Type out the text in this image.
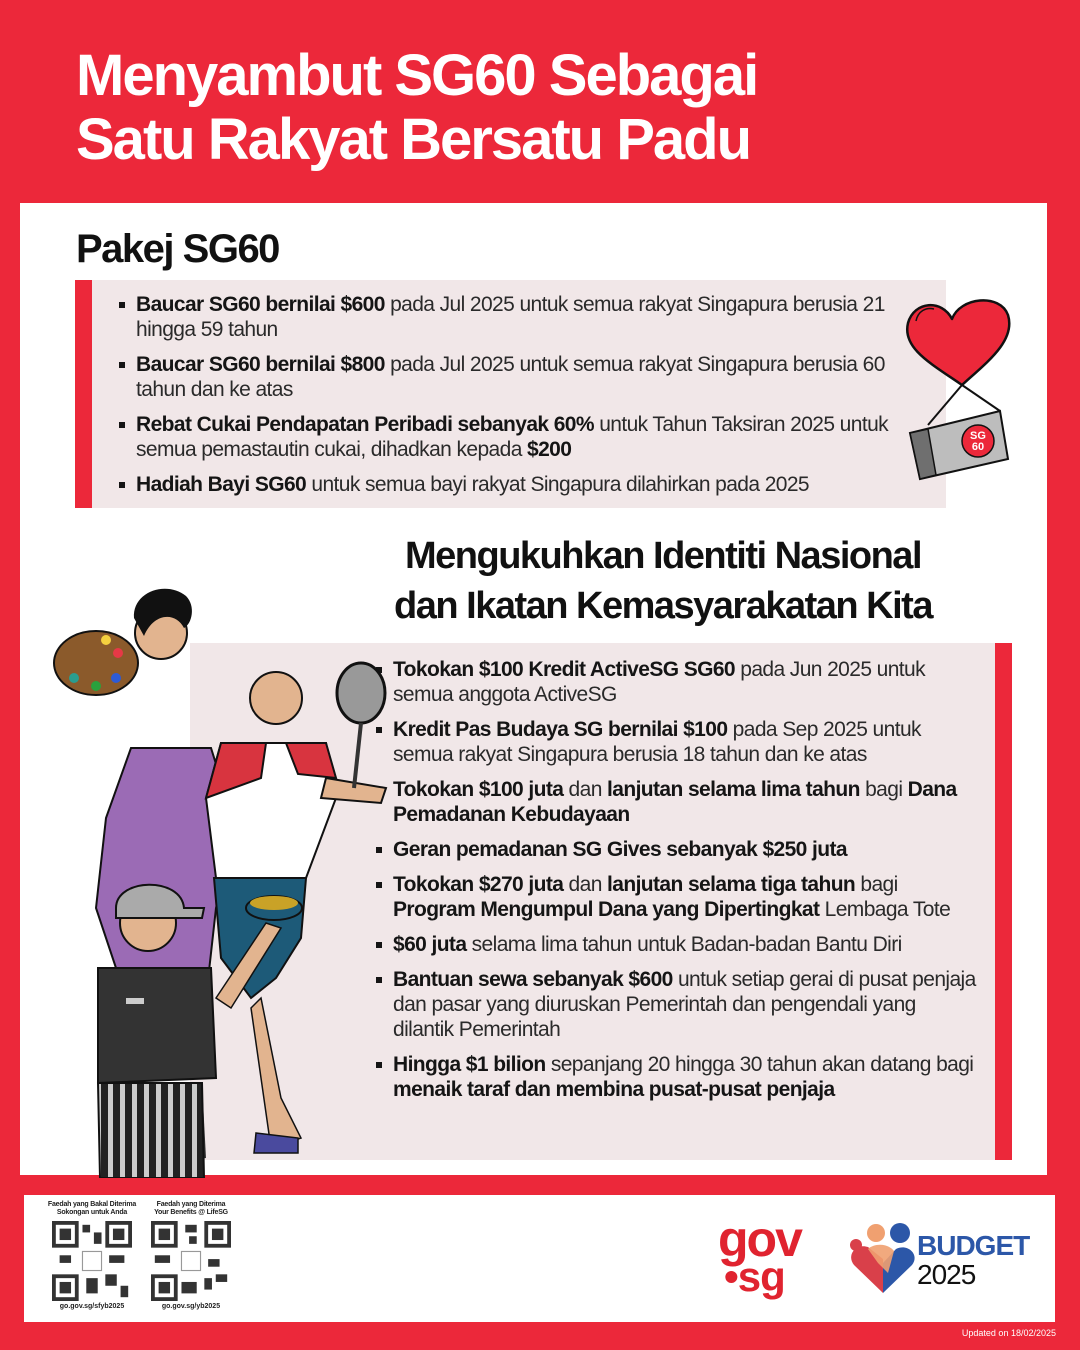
Menyambut SG60 Sebagai
Satu Rakyat Bersatu Padu
Pakej SG60
Baucar SG60 bernilai $600 pada Jul 2025 untuk semua rakyat Singapura berusia 21 hingga 59 tahun
Baucar SG60 bernilai $800 pada Jul 2025 untuk semua rakyat Singapura berusia 60 tahun dan ke atas
Rebat Cukai Pendapatan Peribadi sebanyak 60% untuk Tahun Taksiran 2025 untuk semua pemastautin cukai, dihadkan kepada $200
Hadiah Bayi SG60 untuk semua bayi rakyat Singapura dilahirkan pada 2025
SG
60
Mengukuhkan Identiti Nasional
dan Ikatan Kemasyarakatan Kita
Tokokan $100 Kredit ActiveSG SG60 pada Jun 2025 untuk semua anggota ActiveSG
Kredit Pas Budaya SG bernilai $100 pada Sep 2025 untuk semua rakyat Singapura berusia 18 tahun dan ke atas
Tokokan $100 juta dan lanjutan selama lima tahun bagi Dana Pemadanan Kebudayaan
Geran pemadanan SG Gives sebanyak $250 juta
Tokokan $270 juta dan lanjutan selama tiga tahun bagi Program Mengumpul Dana yang Dipertingkat Lembaga Tote
$60 juta selama lima tahun untuk Badan-badan Bantu Diri
Bantuan sewa sebanyak $600 untuk setiap gerai di pusat penjaja dan pasar yang diuruskan Pemerintah dan pengendali yang dilantik Pemerintah
Hingga $1 bilion sepanjang 20 hingga 30 tahun akan datang bagi menaik taraf dan membina pusat-pusat penjaja
Faedah yang Bakal Diterima
Sokongan untuk Anda
go.gov.sg/sfyb2025
Faedah yang Diterima
Your Benefits @ LifeSG
go.gov.sg/yb2025
gov
•sg
BUDGET
2025
Updated on 18/02/2025
